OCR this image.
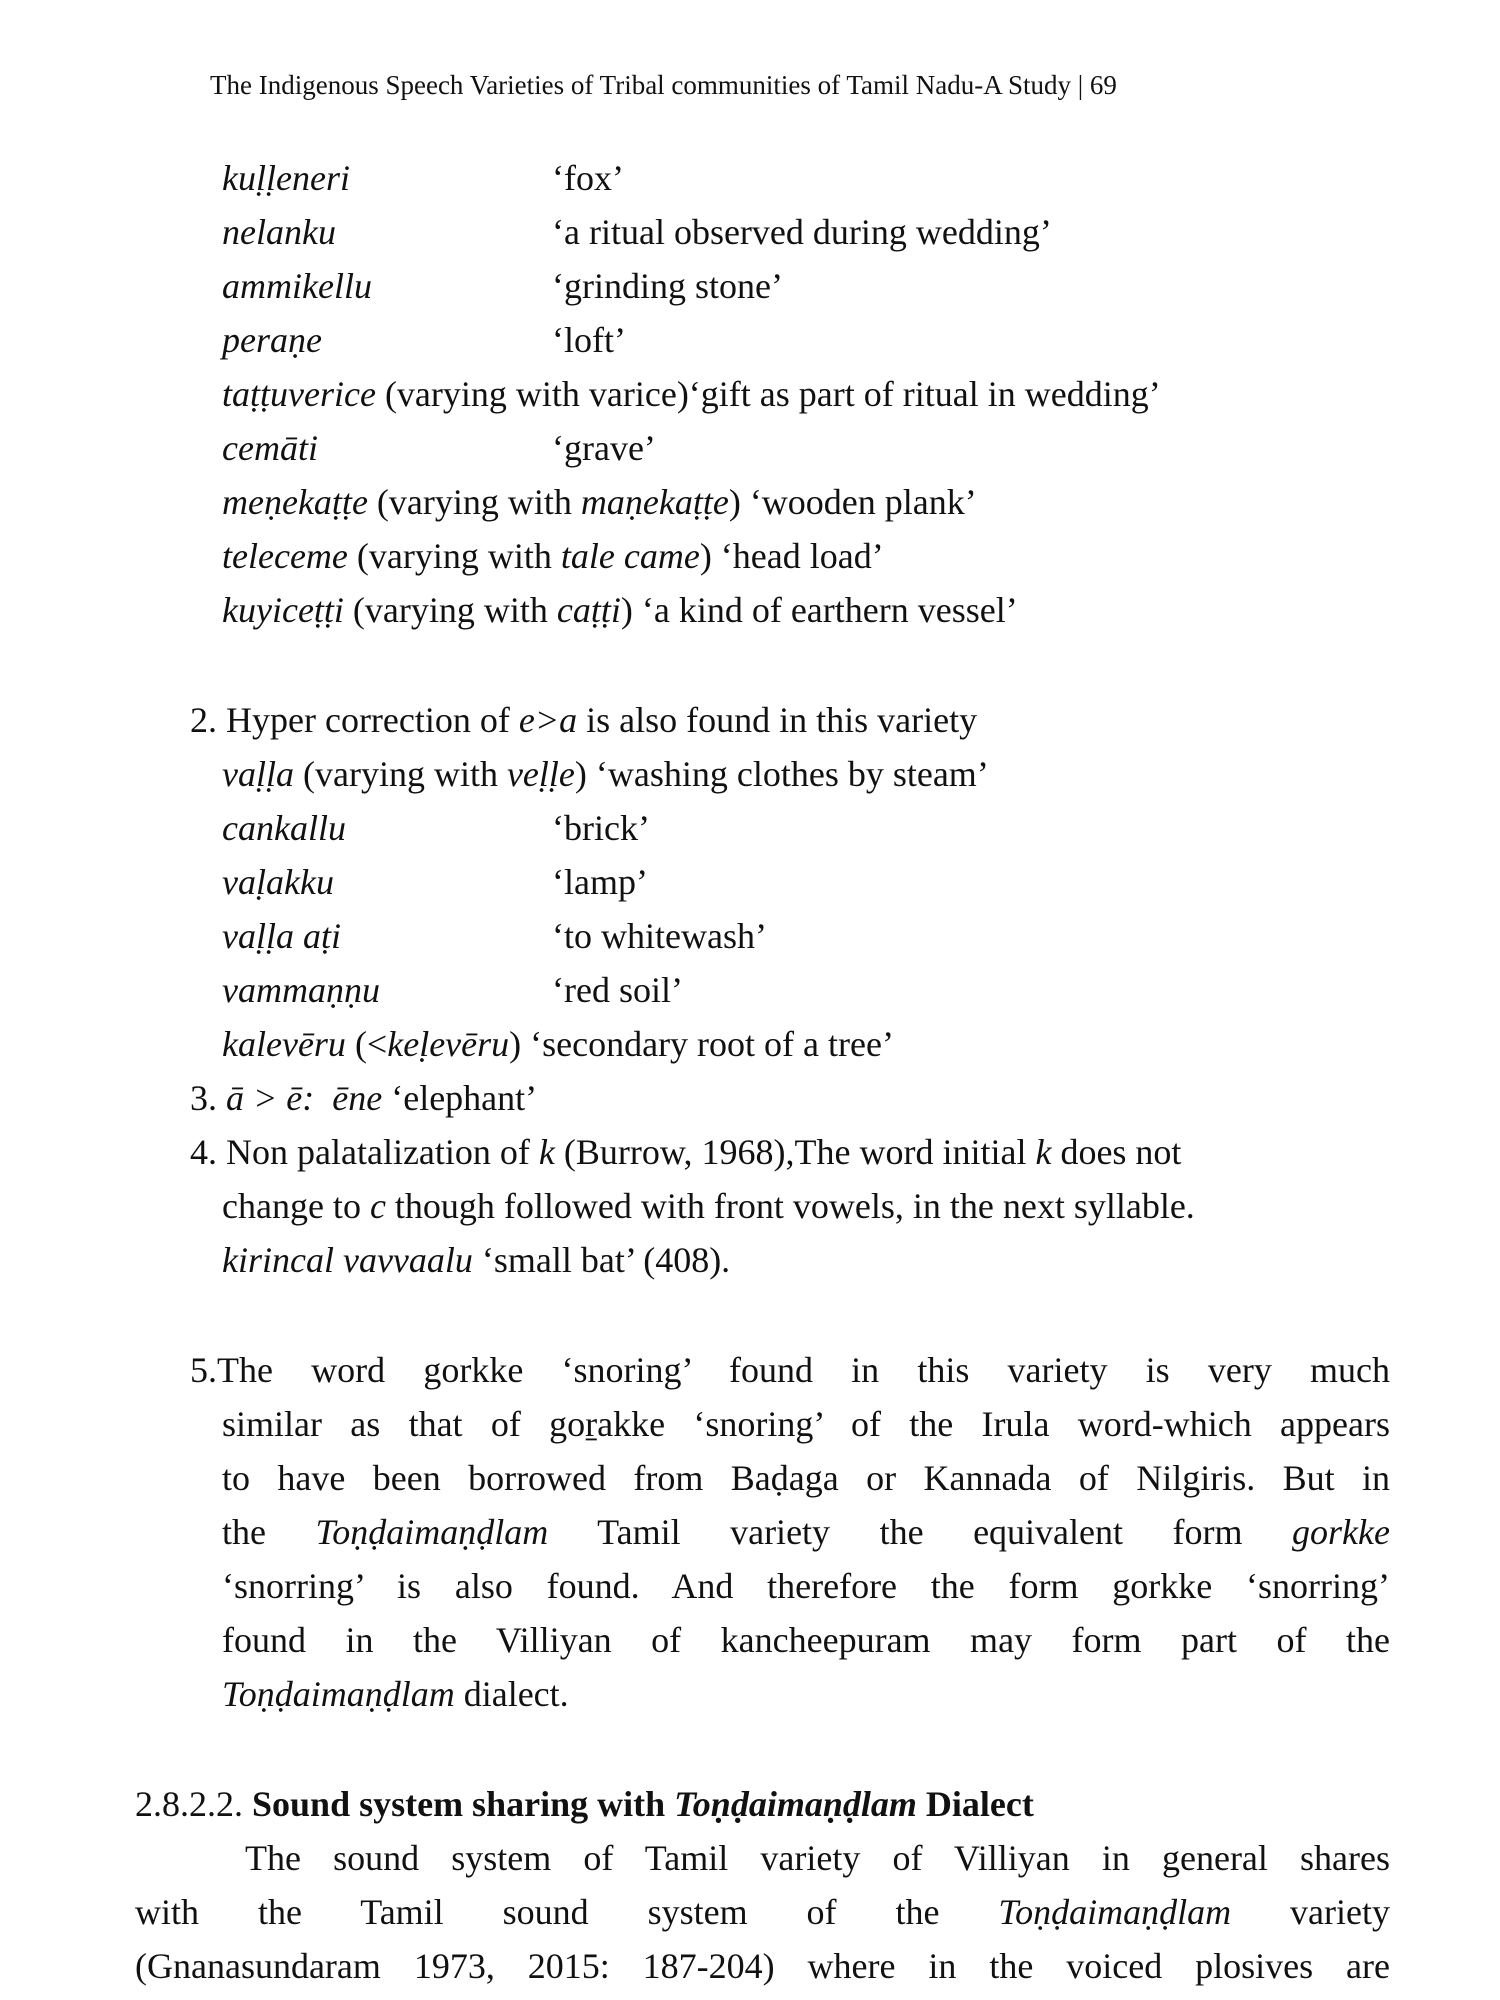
The Indigenous Speech Varieties of Tribal communities of Tamil Nadu-A Study | 69
kuḷḷeneri	‘fox’
nelanku	‘a ritual observed during wedding’
ammikellu	‘grinding stone’
peraṇe	‘loft’
taṭṭuverice (varying with varice)‘gift as part of ritual in wedding’
cemāti	‘grave’
meṇekaṭṭe (varying with maṇekaṭṭe) ‘wooden plank’
teleceme (varying with tale came) ‘head load’
kuyiceṭṭi (varying with caṭṭi) ‘a kind of earthern vessel’
2. Hyper correction of e>a is also found in this variety
vaḷḷa (varying with veḷḷe) ‘washing clothes by steam’
cankallu	‘brick’
vaḷakku	‘lamp’
vaḷḷa aṭi	‘to whitewash’
vammaṇṇu	‘red soil’
kalevēru (<keḷevēru) ‘secondary root of a tree’
3. ā > ē: ēne ‘elephant’
4. Non palatalization of k (Burrow, 1968),The word initial k does not
change to c though followed with front vowels, in the next syllable.
kirincal vavvaalu ‘small bat’ (408).
5.The word gorkke ‘snoring’ found in this variety is very much
similar as that of goṟakke ‘snoring’ of the Irula word-which appears
to have been borrowed from Baḍaga or Kannada of Nilgiris. But in
the Toṇḍaimaṇḍlam Tamil variety the equivalent form gorkke
‘snorring’ is also found. And therefore the form gorkke ‘snorring’
found in the Villiyan of kancheepuram may form part of the
Toṇḍaimaṇḍlam dialect.
2.8.2.2. Sound system sharing with Toṇḍaimaṇḍlam Dialect
The sound system of Tamil variety of Villiyan in general shares
with the Tamil sound system of the Toṇḍaimaṇḍlam variety
(Gnanasundaram 1973, 2015: 187-204) where in the voiced plosives are
